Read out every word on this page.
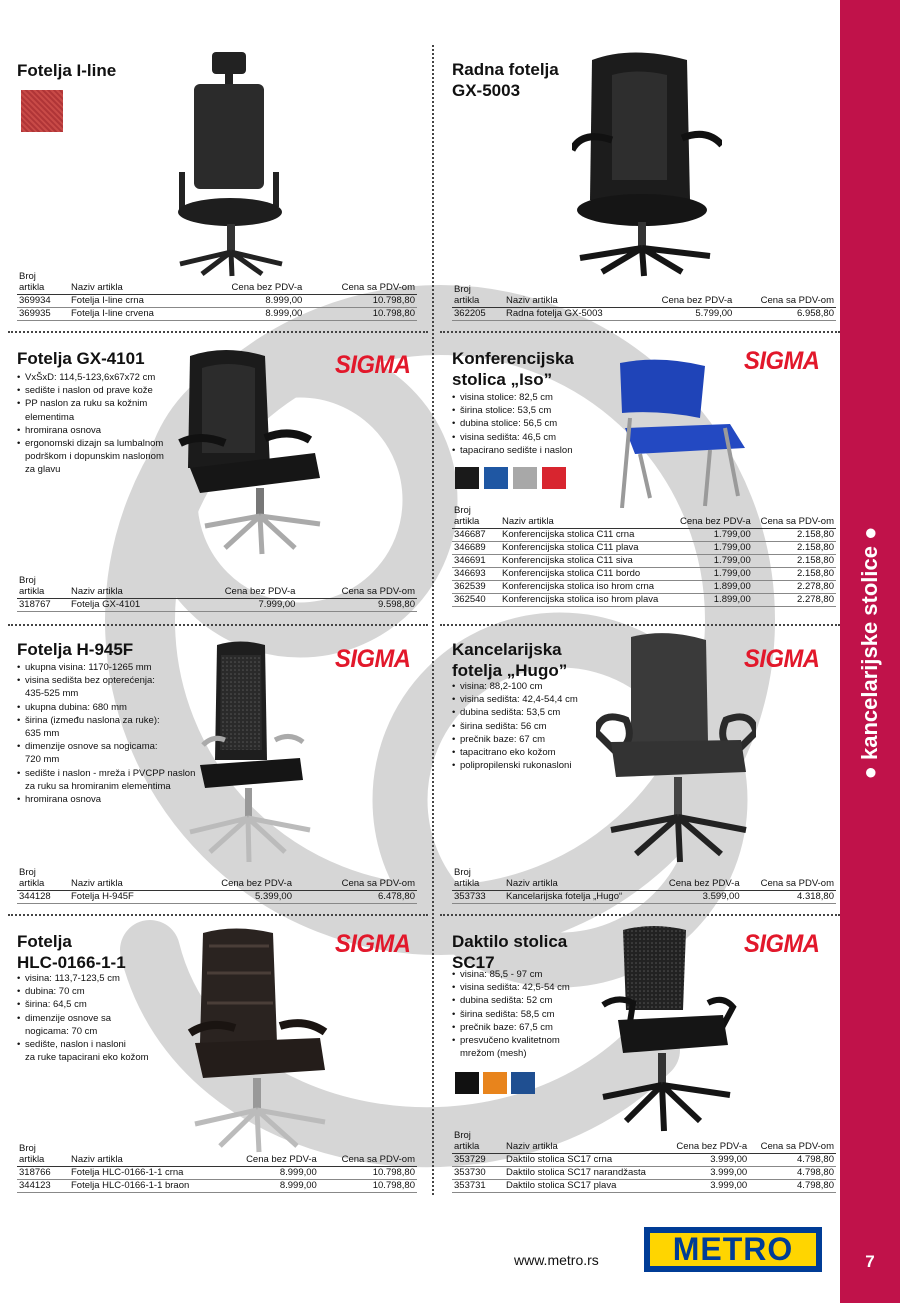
● kancelarijske stolice ●
7
Fotelja I-line
Broj
artikla	Naziv artikla	Cena bez PDV-a	Cena sa PDV-om
369934	Fotelja I-line crna	8.999,00	10.798,80
369935	Fotelja I-line crvena	8.999,00	10.798,80
Radna fotelja
GX-5003
Broj
artikla	Naziv artikla	Cena bez PDV-a	Cena sa PDV-om
362205	Radna fotelja GX-5003	5.799,00	6.958,80
Fotelja GX-4101
• VxŠxD: 114,5-123,6x67x72 cm
• sedište i naslon od prave kože
• PP naslon za ruku sa kožnim
elementima
• hromirana osnova
• ergonomski dizajn sa lumbalnom
podrškom i dopunskim naslonom
za glavu
SIGMA
Broj
artikla	Naziv artikla	Cena bez PDV-a	Cena sa PDV-om
318767	Fotelja GX-4101	7.999,00	9.598,80
Konferencijska
stolica „Iso”
• visina stolice: 82,5 cm
• širina stolice: 53,5 cm
• dubina stolice: 56,5 cm
• visina sedišta: 46,5 cm
• tapacirano sedište i naslon
SIGMA
Broj
artikla	Naziv artikla	Cena bez PDV-a	Cena sa PDV-om
346687	Konferencijska stolica C11 crna	1.799,00	2.158,80
346689	Konferencijska stolica C11 plava	1.799,00	2.158,80
346691	Konferencijska stolica C11 siva	1.799,00	2.158,80
346693	Konferencijska stolica C11 bordo	1.799,00	2.158,80
362539	Konferencijska stolica iso hrom crna	1.899,00	2.278,80
362540	Konferencijska stolica iso hrom plava	1.899,00	2.278,80
Fotelja H-945F
• ukupna visina: 1170-1265 mm
• visina sedišta bez opterećenja:
435-525 mm
• ukupna dubina: 680 mm
• širina (između naslona za ruke):
635 mm
• dimenzije osnove sa nogicama:
720 mm
• sedište i naslon - mreža i PVCPP naslon
za ruku sa hromiranim elementima
• hromirana osnova
SIGMA
Broj
artikla	Naziv artikla	Cena bez PDV-a	Cena sa PDV-om
344128	Fotelja H-945F	5.399,00	6.478,80
Kancelarijska
fotelja „Hugo”
• visina: 88,2-100 cm
• visina sedišta: 42,4-54,4 cm
• dubina sedišta: 53,5 cm
• širina sedišta: 56 cm
• prečnik baze: 67 cm
• tapacitrano eko kožom
• polipropilenski rukonasloni
SIGMA
Broj
artikla	Naziv artikla	Cena bez PDV-a	Cena sa PDV-om
353733	Kancelarijska fotelja „Hugo“	3.599,00	4.318,80
Fotelja
HLC-0166-1-1
• visina: 113,7-123,5 cm
• dubina: 70 cm
• širina: 64,5 cm
• dimenzije osnove sa
nogicama: 70 cm
• sedište, naslon i nasloni
za ruke tapacirani eko kožom
SIGMA
Broj
artikla	Naziv artikla	Cena bez PDV-a	Cena sa PDV-om
318766	Fotelja HLC-0166-1-1 crna	8.999,00	10.798,80
344123	Fotelja HLC-0166-1-1 braon	8.999,00	10.798,80
Daktilo stolica
SC17
• visina: 85,5 - 97 cm
• visina sedišta: 42,5-54 cm
• dubina sedišta: 52 cm
• širina sedišta: 58,5 cm
• prečnik baze: 67,5 cm
• presvučeno kvalitetnom
mrežom (mesh)
SIGMA
Broj
artikla	Naziv artikla	Cena bez PDV-a	Cena sa PDV-om
353729	Daktilo stolica SC17 crna	3.999,00	4.798,80
353730	Daktilo stolica SC17 narandžasta	3.999,00	4.798,80
353731	Daktilo stolica SC17 plava	3.999,00	4.798,80
www.metro.rs	METRO
